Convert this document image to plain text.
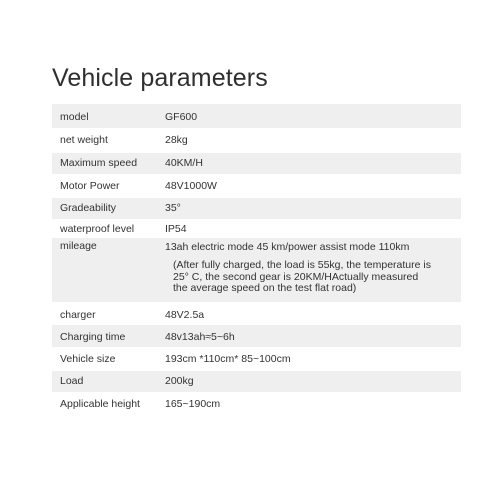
Vehicle parameters
model	GF600
net weight	28kg
Maximum speed	40KM/H
Motor Power	48V1000W
Gradeability	35°
waterproof level	IP54
mileage	13ah electric mode 45 km/power assist mode 110km
(After fully charged, the load is 55kg, the temperature is
25° C, the second gear is 20KM/HActually measured
the average speed on the test flat road)
charger	48V2.5a
Charging time	48v13ah≈5~6h
Vehicle size	193cm *110cm* 85~100cm
Load	200kg
Applicable height	165~190cm
